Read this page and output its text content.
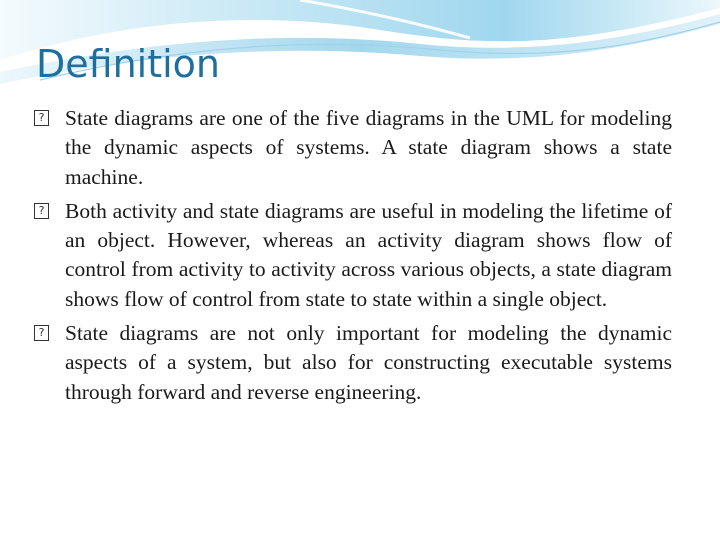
Definition
? State diagrams are one of the five diagrams in the UML for modeling the dynamic aspects of systems. A state diagram shows a state machine.
? Both activity and state diagrams are useful in modeling the lifetime of an object. However, whereas an activity diagram shows flow of control from activity to activity across various objects, a state diagram shows flow of control from state to state within a single object.
? State diagrams are not only important for modeling the dynamic aspects of a system, but also for constructing executable systems through forward and reverse engineering.
